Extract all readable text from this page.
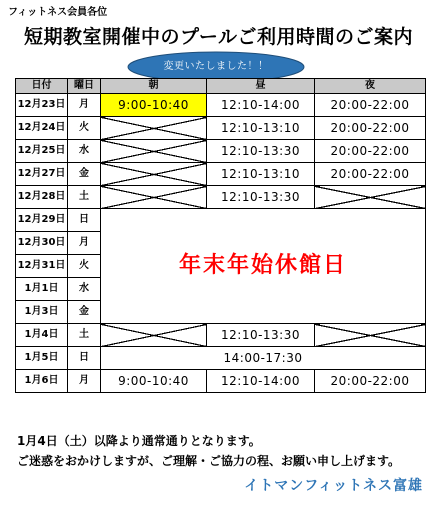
フィットネス会員各位
短期教室開催中のプールご利用時間のご案内
変更いたしました！！
日付	曜日	朝	昼	夜
12月23日	月	9:00-10:40	12:10-14:00	20:00-22:00
12月24日	火		12:10-13:10	20:00-22:00
12月25日	水		12:10-13:30	20:00-22:00
12月27日	金		12:10-13:10	20:00-22:00
12月28日	土		12:10-13:30	
12月29日	日	年末年始休館日		
12月30日	月			
12月31日	火			
1月1日	水			
1月3日	金			
1月4日	土		12:10-13:30	
1月5日	日	14:00-17:30		
1月6日	月	9:00-10:40	12:10-14:00	20:00-22:00
1月4日（土）以降より通常通りとなります。
ご迷惑をおかけしますが、ご理解・ご協力の程、お願い申し上げます。
イトマンフィットネス富雄
